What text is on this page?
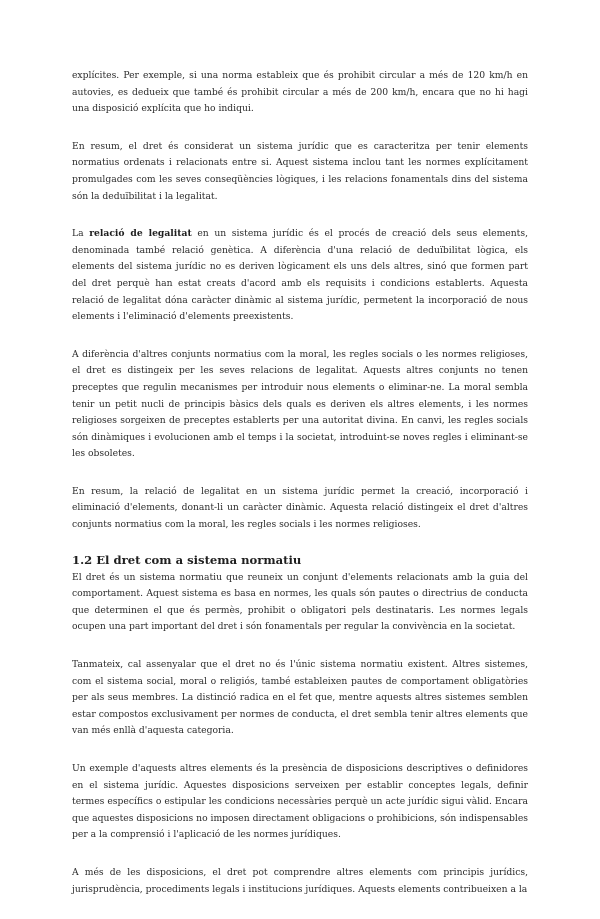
explícites. Per exemple, si una norma estableix que és prohibit circular a més de 120 km/h en autovies, es dedueix que també és prohibit circular a més de 200 km/h, encara que no hi hagi una disposició explícita que ho indiqui.

En resum, el dret és considerat un sistema jurídic que es caracteritza per tenir elements normatius ordenats i relacionats entre si. Aquest sistema inclou tant les normes explícitament promulgades com les seves conseqüències lògiques, i les relacions fonamentals dins del sistema són la deduïbilitat i la legalitat.

La relació de legalitat en un sistema jurídic és el procés de creació dels seus elements, denominada també relació genètica. A diferència d'una relació de deduïbilitat lògica, els elements del sistema jurídic no es deriven lògicament els uns dels altres, sinó que formen part del dret perquè han estat creats d'acord amb els requisits i condicions establerts. Aquesta relació de legalitat dóna caràcter dinàmic al sistema jurídic, permetent la incorporació de nous elements i l'eliminació d'elements preexistents.

A diferència d'altres conjunts normatius com la moral, les regles socials o les normes religioses, el dret es distingeix per les seves relacions de legalitat. Aquests altres conjunts no tenen preceptes que regulin mecanismes per introduir nous elements o eliminar-ne. La moral sembla tenir un petit nucli de principis bàsics dels quals es deriven els altres elements, i les normes religioses sorgeixen de preceptes establerts per una autoritat divina. En canvi, les regles socials són dinàmiques i evolucionen amb el temps i la societat, introduint-se noves regles i eliminant-se les obsoletes.

En resum, la relació de legalitat en un sistema jurídic permet la creació, incorporació i eliminació d'elements, donant-li un caràcter dinàmic. Aquesta relació distingeix el dret d'altres conjunts normatius com la moral, les regles socials i les normes religioses.

1.2 El dret com a sistema normatiu

El dret és un sistema normatiu que reuneix un conjunt d'elements relacionats amb la guia del comportament. Aquest sistema es basa en normes, les quals són pautes o directrius de conducta que determinen el que és permès, prohibit o obligatori pels destinataris. Les normes legals ocupen una part important del dret i són fonamentals per regular la convivència en la societat.

Tanmateix, cal assenyalar que el dret no és l'únic sistema normatiu existent. Altres sistemes, com el sistema social, moral o religiós, també estableixen pautes de comportament obligatòries per als seus membres. La distinció radica en el fet que, mentre aquests altres sistemes semblen estar compostos exclusivament per normes de conducta, el dret sembla tenir altres elements que van més enllà d'aquesta categoria.

Un exemple d'aquests altres elements és la presència de disposicions descriptives o definidores en el sistema jurídic. Aquestes disposicions serveixen per establir conceptes legals, definir termes específics o estipular les condicions necessàries perquè un acte jurídic sigui vàlid. Encara que aquestes disposicions no imposen directament obligacions o prohibicions, són indispensables per a la comprensió i l'aplicació de les normes jurídiques.

A més de les disposicions, el dret pot comprendre altres elements com principis jurídics, jurisprudència, procediments legals i institucions jurídiques. Aquests elements contribueixen a la
